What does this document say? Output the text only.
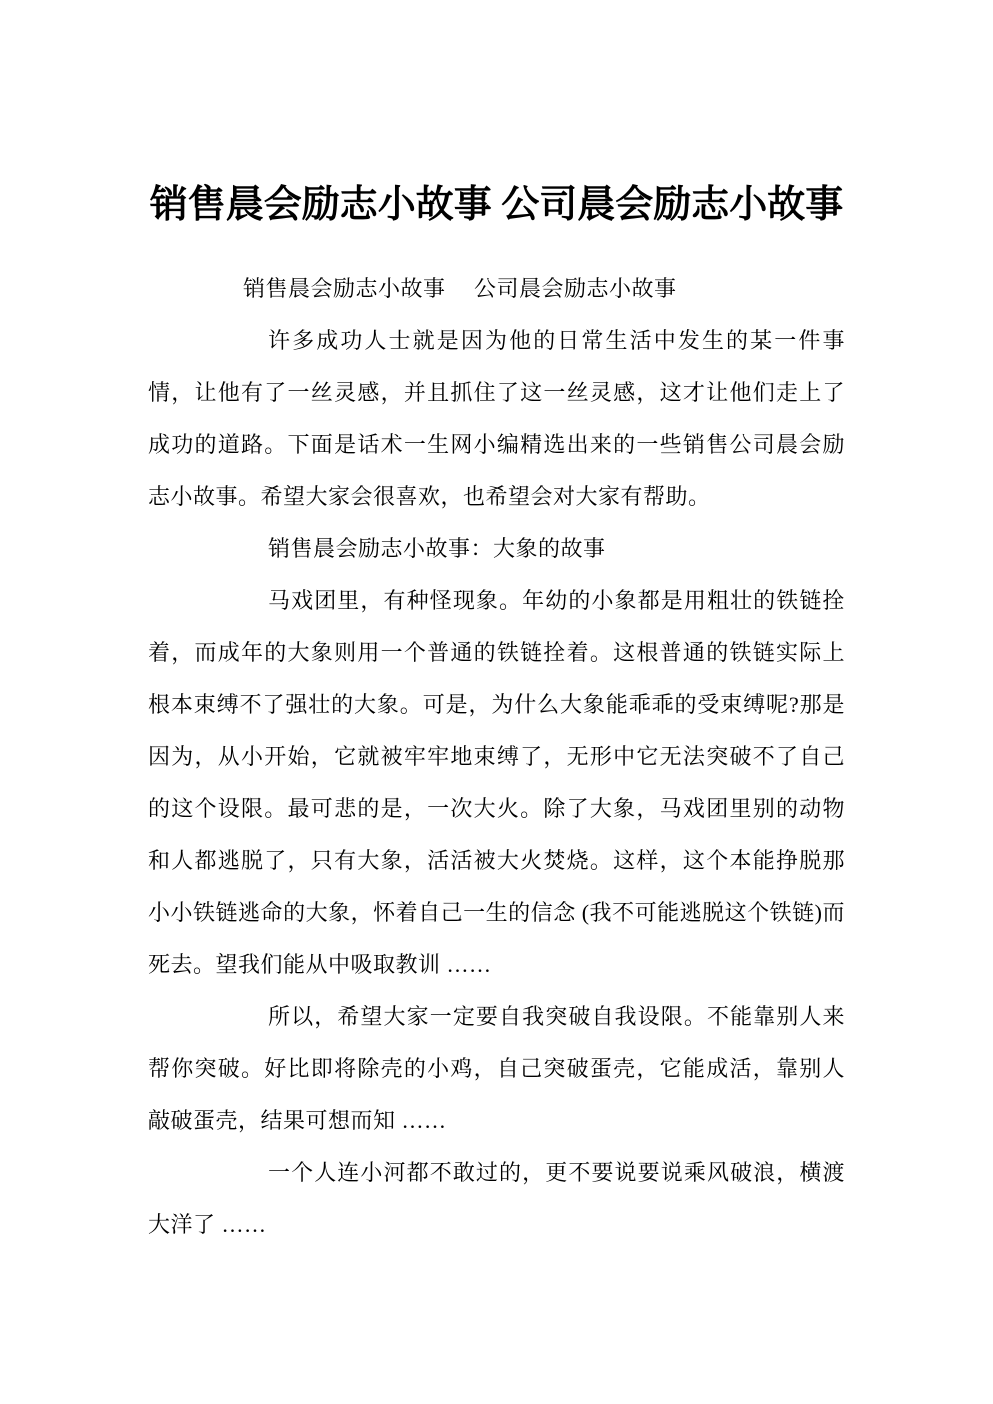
销售晨会励志小故事 公司晨会励志小故事

销售晨会励志小故事　 公司晨会励志小故事

许多成功人士就是因为他的日常生活中发生的某一件事情，让他有了一丝灵感，并且抓住了这一丝灵感，这才让他们走上了成功的道路。下面是话术一生网小编精选出来的一些销售公司晨会励志小故事。希望大家会很喜欢，也希望会对大家有帮助。

销售晨会励志小故事：大象的故事

马戏团里，有种怪现象。年幼的小象都是用粗壮的铁链拴着，而成年的大象则用一个普通的铁链拴着。这根普通的铁链实际上根本束缚不了强壮的大象。可是，为什么大象能乖乖的受束缚呢?那是因为，从小开始，它就被牢牢地束缚了，无形中它无法突破不了自己的这个设限。最可悲的是，一次大火。除了大象，马戏团里别的动物和人都逃脱了，只有大象，活活被大火焚烧。这样，这个本能挣脱那小小铁链逃命的大象，怀着自己一生的信念 (我不可能逃脱这个铁链)而死去。望我们能从中吸取教训 ……

所以，希望大家一定要自我突破自我设限。不能靠别人来帮你突破。好比即将除壳的小鸡，自己突破蛋壳，它能成活，靠别人敲破蛋壳，结果可想而知 ……

一个人连小河都不敢过的，更不要说要说乘风破浪，横渡大洋了 ……
